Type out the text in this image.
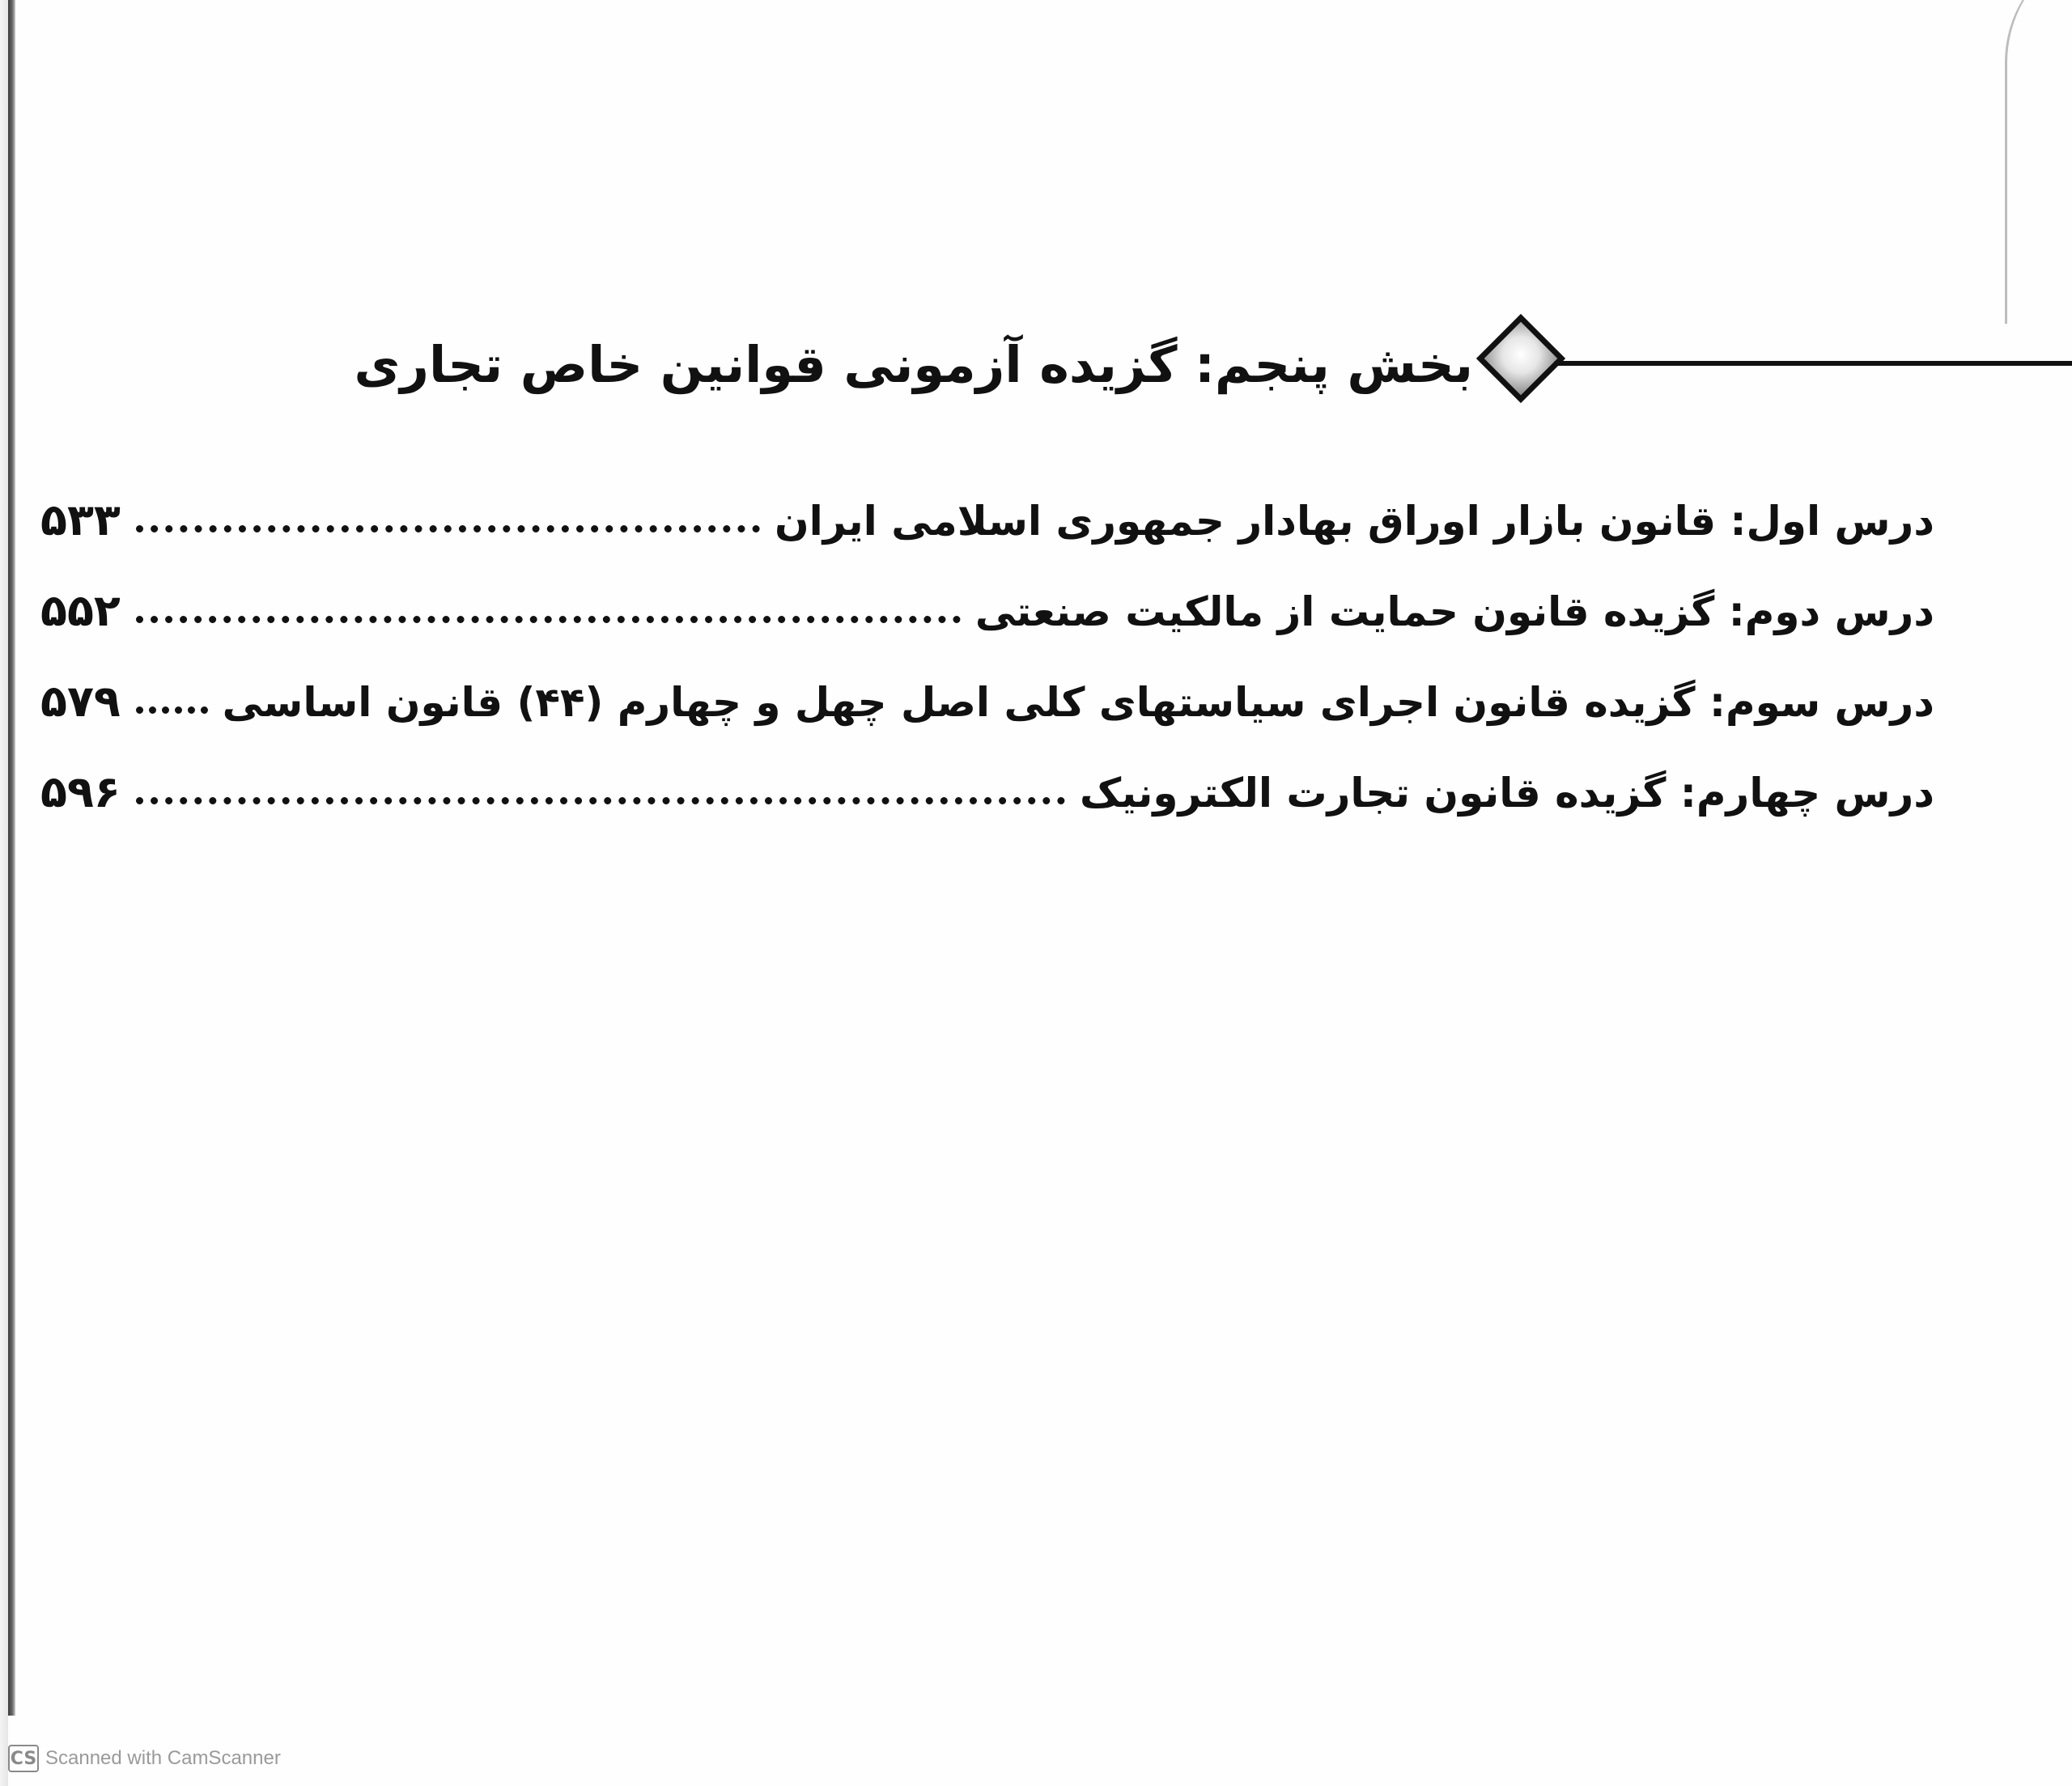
بخش پنجم: گزیده آزمونی قوانین خاص تجاری
درس اول: قانون بازار اوراق بهادار جمهوری اسلامی ایران
۵۳۳
درس دوم: گزیده قانون حمایت از مالکیت صنعتی
۵۵۲
درس سوم: گزیده قانون اجرای سیاستهای کلی اصل چهل و چهارم (۴۴) قانون اساسی
۵۷۹
درس چهارم: گزیده قانون تجارت الکترونیک
۵۹۶
CS Scanned with CamScanner
